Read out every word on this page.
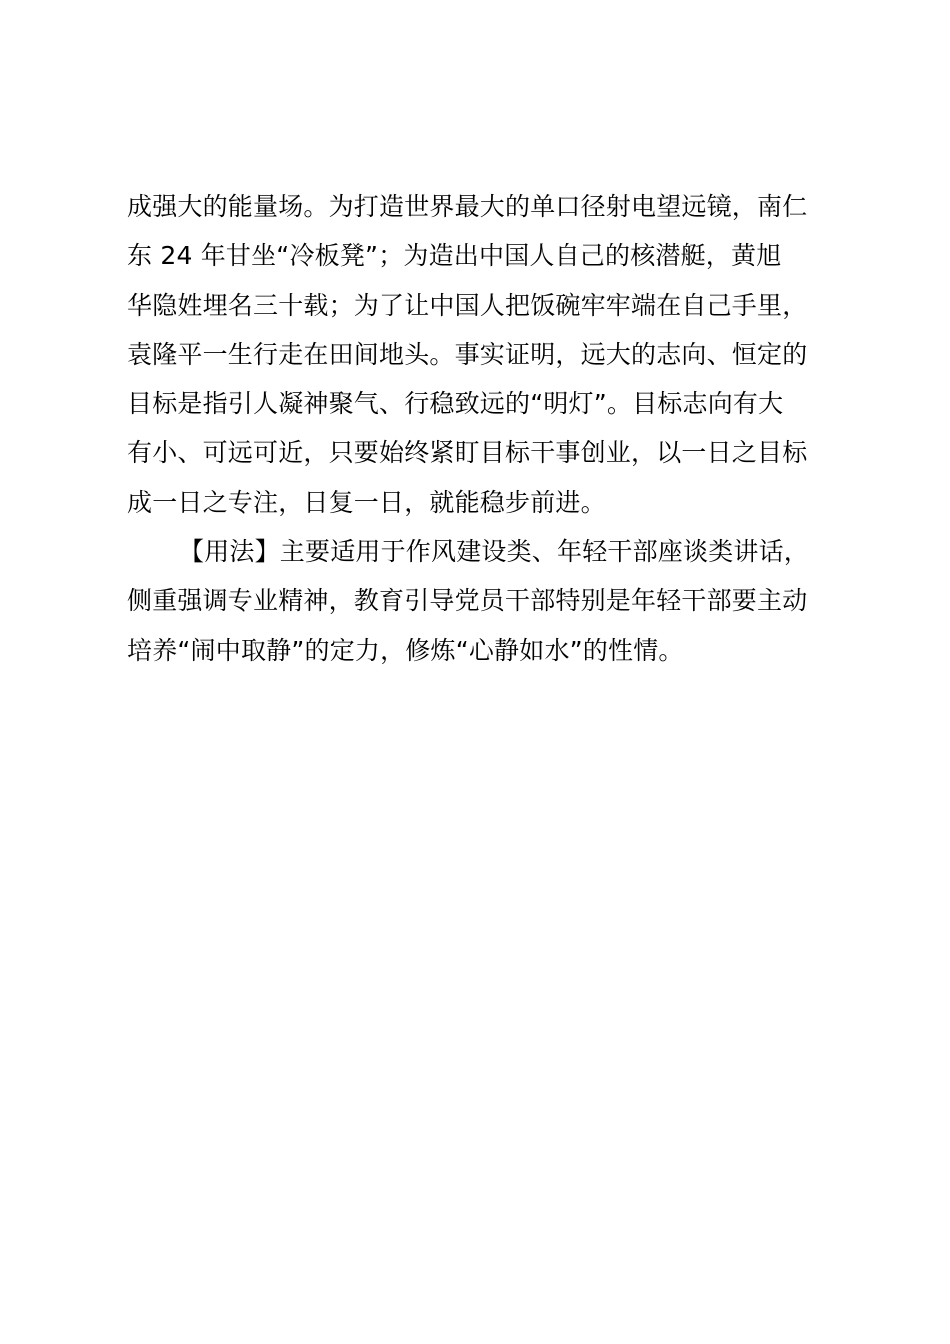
成强大的能量场。为打造世界最大的单口径射电望远镜，南仁
东 24 年甘坐“冷板凳”；为造出中国人自己的核潜艇，黄旭
华隐姓埋名三十载；为了让中国人把饭碗牢牢端在自己手里，
袁隆平一生行走在田间地头。事实证明，远大的志向、恒定的
目标是指引人凝神聚气、行稳致远的“明灯”。目标志向有大
有小、可远可近，只要始终紧盯目标干事创业，以一日之目标
成一日之专注，日复一日，就能稳步前进。
【用法】主要适用于作风建设类、年轻干部座谈类讲话，
侧重强调专业精神，教育引导党员干部特别是年轻干部要主动
培养“闹中取静”的定力，修炼“心静如水”的性情。
